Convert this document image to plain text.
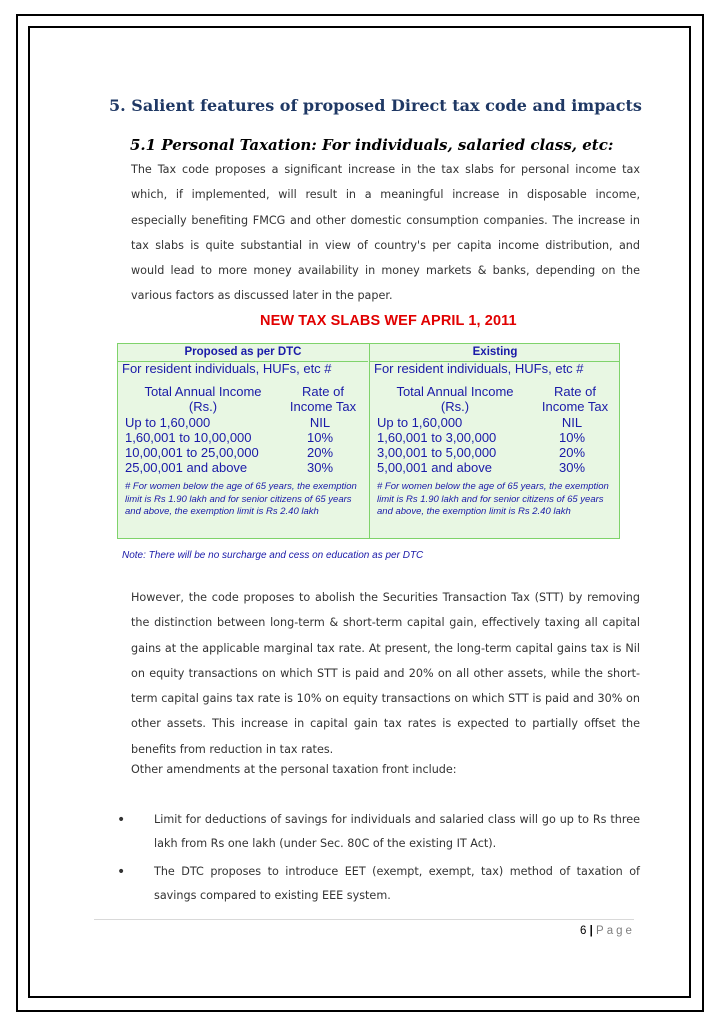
5. Salient features of proposed Direct tax code and impacts
5.1 Personal Taxation: For individuals, salaried class, etc:
The Tax code proposes a significant increase in the tax slabs for personal income tax which, if implemented, will result in a meaningful increase in disposable income, especially benefiting FMCG and other domestic consumption companies. The increase in tax slabs is quite substantial in view of country's per capita income distribution, and would lead to more money availability in money markets & banks, depending on the various factors as discussed later in the paper.
NEW TAX SLABS WEF APRIL 1, 2011
Proposed as per DTC
For resident individuals, HUFs, etc #
Total Annual Income (Rs.)
Rate of Income Tax
Up to 1,60,000	NIL
1,60,001 to 10,00,000	10%
10,00,001 to 25,00,000	20%
25,00,001 and above	30%
# For women below the age of 65 years, the exemption limit is Rs 1.90 lakh and for senior citizens of 65 years and above, the exemption limit is Rs 2.40 lakh
Existing
For resident individuals, HUFs, etc #
Total Annual Income (Rs.)
Rate of Income Tax
Up to 1,60,000	NIL
1,60,001 to 3,00,000	10%
3,00,001 to 5,00,000	20%
5,00,001 and above	30%
# For women below the age of 65 years, the exemption limit is Rs 1.90 lakh and for senior citizens of 65 years and above, the exemption limit is Rs 2.40 lakh
Note: There will be no surcharge and cess on education as per DTC
However, the code proposes to abolish the Securities Transaction Tax (STT) by removing the distinction between long-term & short-term capital gain, effectively taxing all capital gains at the applicable marginal tax rate. At present, the long-term capital gains tax is Nil on equity transactions on which STT is paid and 20% on all other assets, while the short-term capital gains tax rate is 10% on equity transactions on which STT is paid and 30% on other assets. This increase in capital gain tax rates is expected to partially offset the benefits from reduction in tax rates.
Other amendments at the personal taxation front include:
•	Limit for deductions of savings for individuals and salaried class will go up to Rs three lakh from Rs one lakh (under Sec. 80C of the existing IT Act).
•	The DTC proposes to introduce EET (exempt, exempt, tax) method of taxation of savings compared to existing EEE system.
6 | Page
